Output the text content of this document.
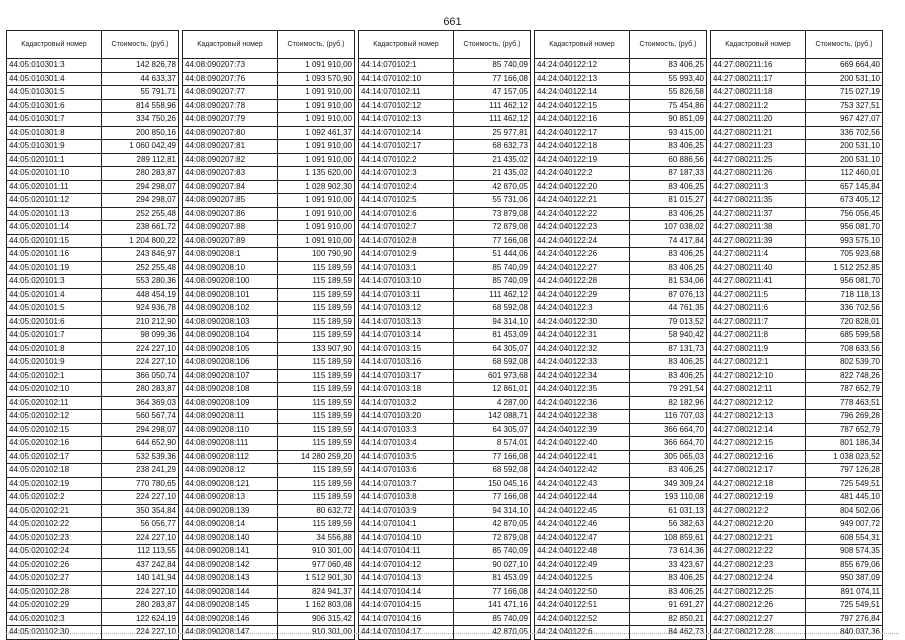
661
Кадастровый номер	Стоимость, (руб.)
44:05:010301:3	142 826,78
44:05:010301:4	44 633,37
44:05:010301:5	55 791,71
44:05:010301:6	814 558,96
44:05:010301:7	334 750,26
44:05:010301:8	200 850,16
44:05:010301:9	1 060 042,49
44:05:020101:1	289 112,81
44:05:020101:10	280 283,87
44:05:020101:11	294 298,07
44:05:020101:12	294 298,07
44:05:020101:13	252 255,48
44:05:020101:14	238 661,72
44:05:020101:15	1 204 800,22
44:05:020101:16	243 846,97
44:05:020101:19	252 255,48
44:05:020101:3	553 280,36
44:05:020101:4	448 454,19
44:05:020101:5	924 936,78
44:05:020101:6	210 212,90
44:05:020101:7	98 099,36
44:05:020101:8	224 227,10
44:05:020101:9	224 227,10
44:05:020102:1	366 050,74
44:05:020102:10	280 283,87
44:05:020102:11	364 369,03
44:05:020102:12	560 567,74
44:05:020102:15	294 298,07
44:05:020102:16	644 652,90
44:05:020102:17	532 539,36
44:05:020102:18	238 241,29
44:05:020102:19	770 780,65
44:05:020102:2	224 227,10
44:05:020102:21	350 354,84
44:05:020102:22	56 056,77
44:05:020102:23	224 227,10
44:05:020102:24	112 113,55
44:05:020102:26	437 242,84
44:05:020102:27	140 141,94
44:05:020102:28	224 227,10
44:05:020102:29	280 283,87
44:05:020102:3	122 624,19
44:05:020102:30	224 227,10
Кадастровый номер	Стоимость, (руб.)
44:08:090207:73	1 091 910,00
44:08:090207:76	1 093 570,90
44:08:090207:77	1 091 910,00
44:08:090207:78	1 091 910,00
44:08:090207:79	1 091 910,00
44:08:090207:80	1 092 461,37
44:08:090207:81	1 091 910,00
44:08:090207:82	1 091 910,00
44:08:090207:83	1 135 620,00
44:08:090207:84	1 028 902,30
44:08:090207:85	1 091 910,00
44:08:090207:86	1 091 910,00
44:08:090207:88	1 091 910,00
44:08:090207:89	1 091 910,00
44:08:090208:1	100 790,90
44:08:090208:10	115 189,59
44:08:090208:100	115 189,59
44:08:090208:101	115 189,59
44:08:090208:102	115 189,59
44:08:090208:103	115 189,59
44:08:090208:104	115 189,59
44:08:090208:105	133 907,90
44:08:090208:106	115 189,59
44:08:090208:107	115 189,59
44:08:090208:108	115 189,59
44:08:090208:109	115 189,59
44:08:090208:11	115 189,59
44:08:090208:110	115 189,59
44:08:090208:111	115 189,59
44:08:090208:112	14 280 259,20
44:08:090208:12	115 189,59
44:08:090208:121	115 189,59
44:08:090208:13	115 189,59
44:08:090208:139	80 632,72
44:08:090208:14	115 189,59
44:08:090208:140	34 556,88
44:08:090208:141	910 301,00
44:08:090208:142	977 060,48
44:08:090208:143	1 512 901,30
44:08:090208:144	824 941,37
44:08:090208:145	1 162 803,08
44:08:090208:146	906 315,42
44:08:090208:147	910 301,00
Кадастровый номер	Стоимость, (руб.)
44:14:070102:1	85 740,09
44:14:070102:10	77 166,08
44:14:070102:11	47 157,05
44:14:070102:12	111 462,12
44:14:070102:13	111 462,12
44:14:070102:14	25 977,81
44:14:070102:17	68 632,73
44:14:070102:2	21 435,02
44:14:070102:3	21 435,02
44:14:070102:4	42 870,05
44:14:070102:5	55 731,06
44:14:070102:6	73 879,08
44:14:070102:7	72 879,08
44:14:070102:8	77 166,08
44:14:070102:9	51 444,06
44:14:070103:1	85 740,09
44:14:070103:10	85 740,09
44:14:070103:11	111 462,12
44:14:070103:12	68 592,08
44:14:070103:13	94 314,10
44:14:070103:14	81 453,09
44:14:070103:15	64 305,07
44:14:070103:16	68 592,08
44:14:070103:17	601 973,68
44:14:070103:18	12 861,01
44:14:070103:2	4 287,00
44:14:070103:20	142 088,71
44:14:070103:3	64 305,07
44:14:070103:4	8 574,01
44:14:070103:5	77 166,08
44:14:070103:6	68 592,08
44:14:070103:7	150 045,16
44:14:070103:8	77 166,08
44:14:070103:9	94 314,10
44:14:070104:1	42 870,05
44:14:070104:10	72 879,08
44:14:070104:11	85 740,09
44:14:070104:12	90 027,10
44:14:070104:13	81 453,09
44:14:070104:14	77 166,08
44:14:070104:15	141 471,16
44:14:070104:16	85 740,09
44:14:070104:17	42 870,05
Кадастровый номер	Стоимость, (руб.)
44:24:040122:12	83 406,25
44:24:040122:13	55 993,40
44:24:040122:14	55 826,58
44:24:040122:15	75 454,86
44:24:040122:16	90 851,09
44:24:040122:17	93 415,00
44:24:040122:18	83 406,25
44:24:040122:19	60 886,56
44:24:040122:2	87 187,33
44:24:040122:20	83 406,25
44:24:040122:21	81 015,27
44:24:040122:22	83 406,25
44:24:040122:23	107 038,02
44:24:040122:24	74 417,84
44:24:040122:26	83 406,25
44:24:040122:27	83 406,25
44:24:040122:28	81 534,06
44:24:040122:29	87 076,13
44:24:040122:3	44 761,35
44:24:040122:30	79 013,52
44:24:040122:31	58 940,42
44:24:040122:32	87 131,73
44:24:040122:33	83 406,25
44:24:040122:34	83 406,25
44:24:040122:35	79 291,54
44:24:040122:36	82 182,96
44:24:040122:38	116 707,03
44:24:040122:39	366 664,70
44:24:040122:40	366 664,70
44:24:040122:41	305 065,03
44:24:040122:42	83 406,25
44:24:040122:43	349 309,24
44:24:040122:44	193 110,08
44:24:040122:45	61 031,13
44:24:040122:46	56 382,63
44:24:040122:47	108 859,61
44:24:040122:48	73 614,36
44:24:040122:49	33 423,67
44:24:040122:5	83 406,25
44:24:040122:50	83 406,25
44:24:040122:51	91 691,27
44:24:040122:52	82 850,21
44:24:040122:6	84 462,73
Кадастровый номер	Стоимость, (руб.)
44:27:080211:16	669 664,40
44:27:080211:17	200 531,10
44:27:080211:18	715 027,19
44:27:080211:2	753 327,51
44:27:080211:20	967 427,07
44:27:080211:21	336 702,56
44:27:080211:23	200 531,10
44:27:080211:25	200 531,10
44:27:080211:26	112 460,01
44:27:080211:3	657 145,84
44:27:080211:35	673 405,12
44:27:080211:37	756 056,45
44:27:080211:38	956 081,70
44:27:080211:39	993 575,10
44:27:080211:4	705 923,68
44:27:080211:40	1 512 252,85
44:27:080211:41	956 081,70
44:27:080211:5	718 118,13
44:27:080211:6	336 702,56
44:27:080211:7	720 828,01
44:27:080211:8	685 599,58
44:27:080211:9	708 633,56
44:27:080212:1	802 539,70
44:27:080212:10	822 748,26
44:27:080212:11	787 652,79
44:27:080212:12	778 463,51
44:27:080212:13	796 269,28
44:27:080212:14	787 652,79
44:27:080212:15	801 186,34
44:27:080212:16	1 038 023,52
44:27:080212:17	797 126,28
44:27:080212:18	725 549,51
44:27:080212:19	481 445,10
44:27:080212:2	804 502,06
44:27:080212:20	949 007,72
44:27:080212:21	608 554,31
44:27:080212:22	908 574,35
44:27:080212:23	855 679,06
44:27:080212:24	950 387,09
44:27:080212:25	891 074,11
44:27:080212:26	725 549,51
44:27:080212:27	797 276,84
44:27:080212:28	840 037,36
